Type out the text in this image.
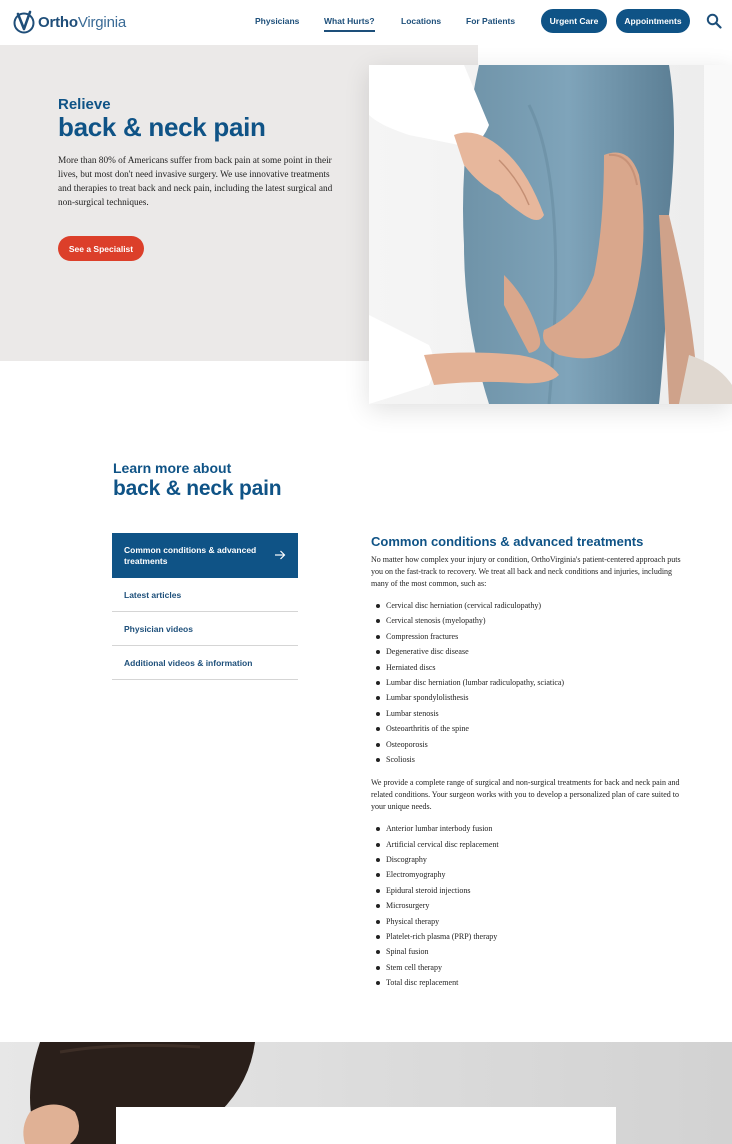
OrthoVirginia	Physicians	What Hurts?	Locations	For Patients	Urgent Care	Appointments
Relieve
back & neck pain

More than 80% of Americans suffer from back pain at some point in their lives, but most don't need invasive surgery. We use innovative treatments and therapies to treat back and neck pain, including the latest surgical and non-surgical techniques.

See a Specialist
Learn more about
back & neck pain
Common conditions & advanced treatments
Latest articles
Physician videos
Additional videos & information
Common conditions & advanced treatments

No matter how complex your injury or condition, OrthoVirginia's patient-centered approach puts you on the fast-track to recovery. We treat all back and neck conditions and injuries, including many of the most common, such as:

Cervical disc herniation (cervical radiculopathy)
Cervical stenosis (myelopathy)
Compression fractures
Degenerative disc disease
Herniated discs
Lumbar disc herniation (lumbar radiculopathy, sciatica)
Lumbar spondylolisthesis
Lumbar stenosis
Osteoarthritis of the spine
Osteoporosis
Scoliosis

We provide a complete range of surgical and non-surgical treatments for back and neck pain and related conditions. Your surgeon works with you to develop a personalized plan of care suited to your unique needs.

Anterior lumbar interbody fusion
Artificial cervical disc replacement
Discography
Electromyography
Epidural steroid injections
Microsurgery
Physical therapy
Platelet-rich plasma (PRP) therapy
Spinal fusion
Stem cell therapy
Total disc replacement
